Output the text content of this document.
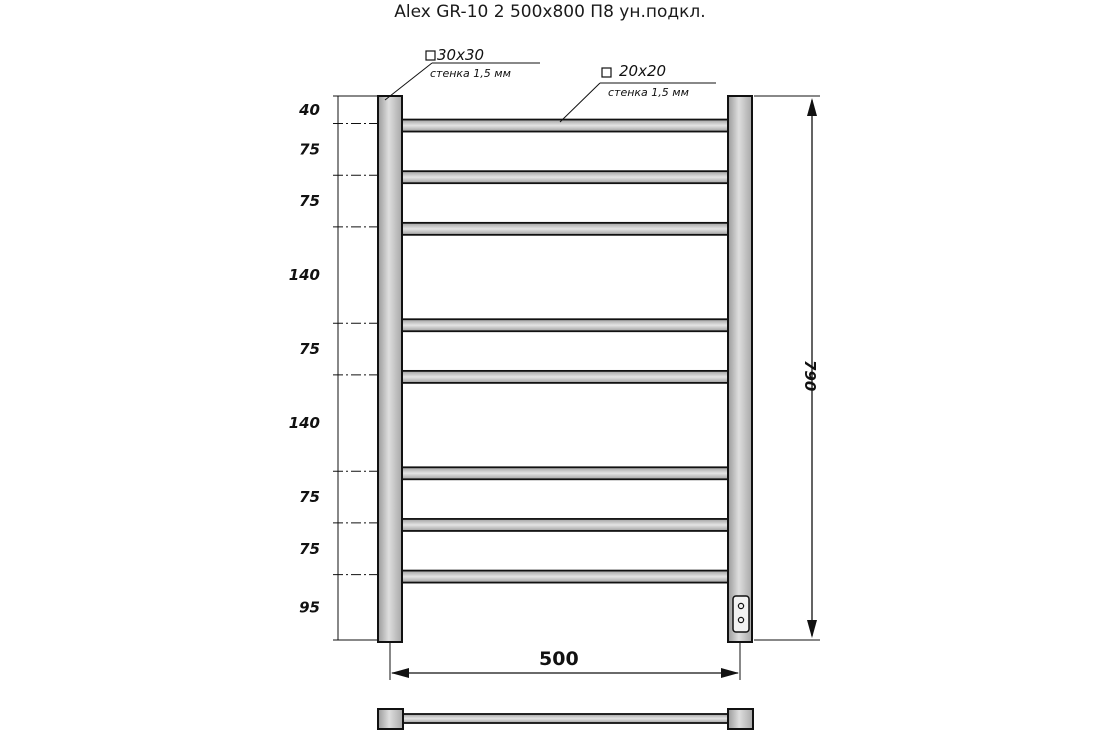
Alex GR-10 2 500x800 П8 ун.подкл.
40
75
75
140
75
140
75
75
95
30x30
стенка 1,5 мм	20x20
стенка 1,5 мм
790
500
